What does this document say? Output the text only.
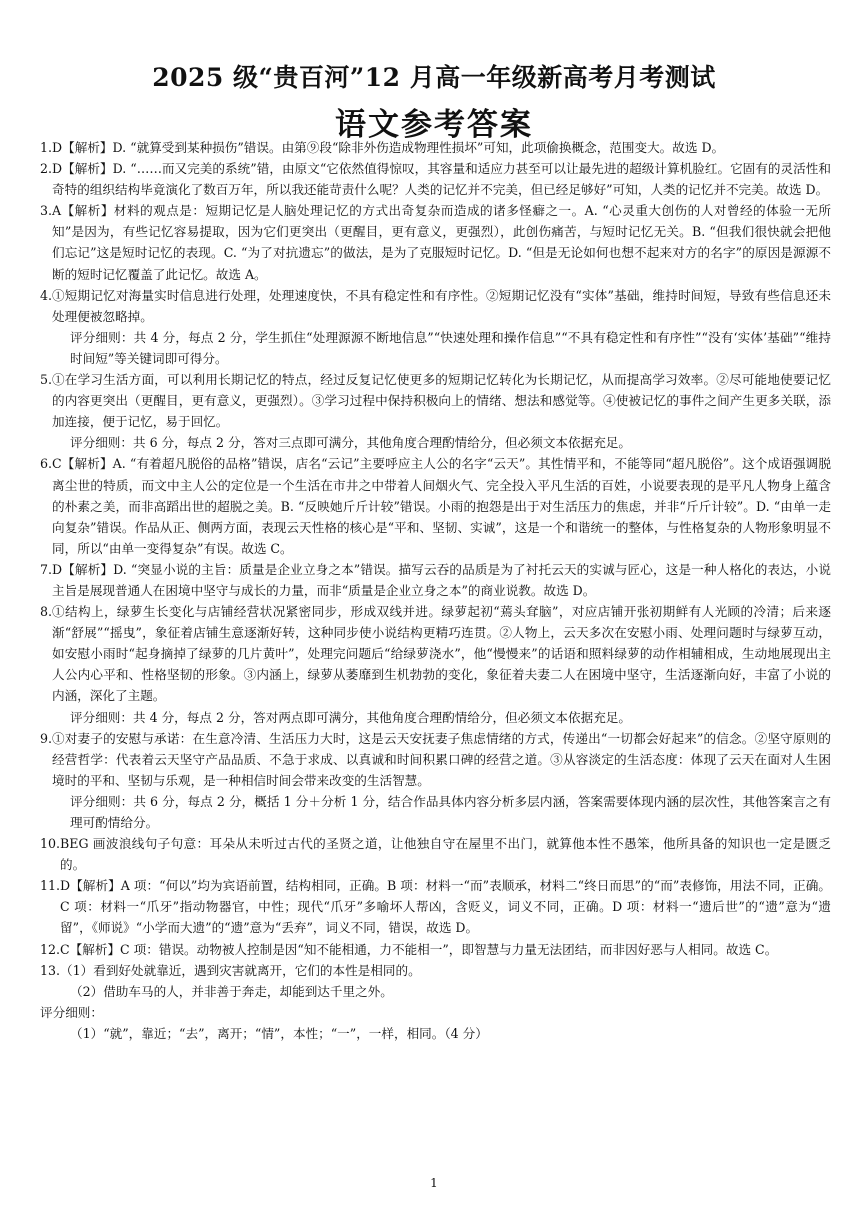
2025 级“贵百河”12 月高一年级新高考月考测试
语文参考答案
1. D【解析】D. “就算受到某种损伤”错误。由第⑨段“除非外伤造成物理性损坏”可知，此项偷换概念，范围变大。故选 D。
2. D【解析】D. “……而又完美的系统”错，由原文“它依然值得惊叹，其容量和适应力甚至可以让最先进的超级计算机脸红。它固有的灵活性和奇特的组织结构毕竟演化了数百万年，所以我还能苛责什么呢？人类的记忆并不完美，但已经足够好”可知，人类的记忆并不完美。故选 D。
3. A【解析】材料的观点是：短期记忆是人脑处理记忆的方式出奇复杂而造成的诸多怪癖之一。A. “心灵重大创伤的人对曾经的体验一无所知”是因为，有些记忆容易提取，因为它们更突出（更醒目，更有意义，更强烈），此创伤痛苦，与短时记忆无关。B. “但我们很快就会把他们忘记”这是短时记忆的表现。C. “为了对抗遗忘”的做法，是为了克服短时记忆。D. “但是无论如何也想不起来对方的名字”的原因是源源不断的短时记忆覆盖了此记忆。故选 A。
4. ①短期记忆对海量实时信息进行处理，处理速度快，不具有稳定性和有序性。②短期记忆没有“实体”基础，维持时间短，导致有些信息还未处理便被忽略掉。

评分细则：共 4 分，每点 2 分，学生抓住“处理源源不断地信息”“快速处理和操作信息”“不具有稳定性和有序性”“没有‘实体’基础”“维持时间短”等关键词即可得分。

5. ①在学习生活方面，可以利用长期记忆的特点，经过反复记忆使更多的短期记忆转化为长期记忆，从而提高学习效率。②尽可能地使要记忆的内容更突出（更醒目，更有意义，更强烈）。③学习过程中保持积极向上的情绪、想法和感觉等。④使被记忆的事件之间产生更多关联，添加连接，便于记忆，易于回忆。

评分细则：共 6 分，每点 2 分，答对三点即可满分，其他角度合理酌情给分，但必须文本依据充足。

6. C【解析】A. “有着超凡脱俗的品格”错误，店名“云记”主要呼应主人公的名字“云天”。其性情平和，不能等同“超凡脱俗”。这个成语强调脱离尘世的特质，而文中主人公的定位是一个生活在市井之中带着人间烟火气、完全投入平凡生活的百姓，小说要表现的是平凡人物身上蕴含的朴素之美，而非高蹈出世的超脱之美。B. “反映她斤斤计较”错误。小雨的抱怨是出于对生活压力的焦虑，并非“斤斤计较”。D. “由单一走向复杂”错误。作品从正、侧两方面，表现云天性格的核心是“平和、坚韧、实诚”，这是一个和谐统一的整体，与性格复杂的人物形象明显不同，所以“由单一变得复杂”有误。故选 C。
7. D【解析】D. “突显小说的主旨：质量是企业立身之本”错误。描写云吞的品质是为了衬托云天的实诚与匠心，这是一种人格化的表达，小说主旨是展现普通人在困境中坚守与成长的力量，而非“质量是企业立身之本”的商业说教。故选 D。
8. ①结构上，绿萝生长变化与店铺经营状况紧密同步，形成双线并进。绿萝起初“蔫头耷脑”，对应店铺开张初期鲜有人光顾的冷清；后来逐渐“舒展”“摇曳”，象征着店铺生意逐渐好转，这种同步使小说结构更精巧连贯。②人物上，云天多次在安慰小雨、处理问题时与绿萝互动，如安慰小雨时“起身摘掉了绿萝的几片黄叶”，处理完问题后“给绿萝浇水”，他“慢慢来”的话语和照料绿萝的动作相辅相成，生动地展现出主人公内心平和、性格坚韧的形象。③内涵上，绿萝从萎靡到生机勃勃的变化，象征着夫妻二人在困境中坚守，生活逐渐向好，丰富了小说的内涵，深化了主题。

评分细则：共 4 分，每点 2 分，答对两点即可满分，其他角度合理酌情给分，但必须文本依据充足。

9. ①对妻子的安慰与承诺：在生意冷清、生活压力大时，这是云天安抚妻子焦虑情绪的方式，传递出“一切都会好起来”的信念。②坚守原则的经营哲学：代表着云天坚守产品品质、不急于求成、以真诚和时间积累口碑的经营之道。③从容淡定的生活态度：体现了云天在面对人生困境时的平和、坚韧与乐观，是一种相信时间会带来改变的生活智慧。

评分细则：共 6 分，每点 2 分，概括 1 分＋分析 1 分，结合作品具体内容分析多层内涵，答案需要体现内涵的层次性，其他答案言之有理可酌情给分。

10. BEG 画波浪线句子句意：耳朵从未听过古代的圣贤之道，让他独自守在屋里不出门，就算他本性不愚笨，他所具备的知识也一定是匮乏的。
11. D【解析】A 项：“何以”均为宾语前置，结构相同，正确。B 项：材料一“而”表顺承，材料二“终日而思”的“而”表修饰，用法不同，正确。C 项：材料一“爪牙”指动物器官，中性；现代“爪牙”多喻坏人帮凶，含贬义，词义不同，正确。D 项：材料一“遗后世”的“遗”意为“遗留”，《师说》“小学而大遗”的“遗”意为“丢弃”，词义不同，错误，故选 D。
12. C【解析】C 项：错误。动物被人控制是因“知不能相通，力不能相一”，即智慧与力量无法团结，而非因好恶与人相同。故选 C。
13. （1）看到好处就靠近，遇到灾害就离开，它们的本性是相同的。

（2）借助车马的人，并非善于奔走，却能到达千里之外。

评分细则：

（1）“就”，靠近；“去”，离开；“情”，本性；“一”，一样，相同。（4 分）

1
